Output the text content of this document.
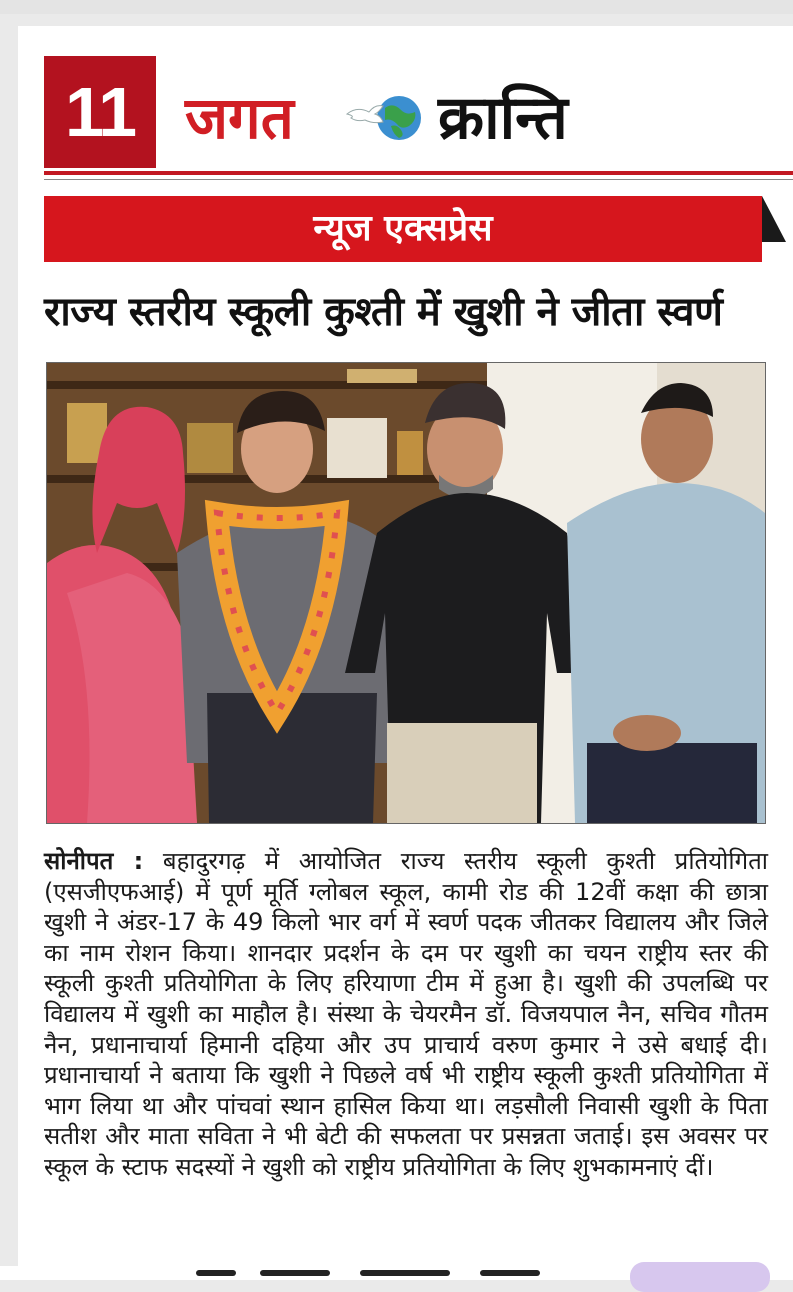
11 जगत क्रान्ति
न्यूज एक्सप्रेस
राज्य स्तरीय स्कूली कुश्ती में खुशी ने जीता स्वर्ण
सोनीपत : बहादुरगढ़ में आयोजित राज्य स्तरीय स्कूली कुश्ती प्रतियोगिता (एसजीएफआई) में पूर्ण मूर्ति ग्लोबल स्कूल, कामी रोड की 12वीं कक्षा की छात्रा खुशी ने अंडर-17 के 49 किलो भार वर्ग में स्वर्ण पदक जीतकर विद्यालय और जिले का नाम रोशन किया। शानदार प्रदर्शन के दम पर खुशी का चयन राष्ट्रीय स्तर की स्कूली कुश्ती प्रतियोगिता के लिए हरियाणा टीम में हुआ है। खुशी की उपलब्धि पर विद्यालय में खुशी का माहौल है। संस्था के चेयरमैन डॉ. विजयपाल नैन, सचिव गौतम नैन, प्रधानाचार्या हिमानी दहिया और उप प्राचार्य वरुण कुमार ने उसे बधाई दी। प्रधानाचार्या ने बताया कि खुशी ने पिछले वर्ष भी राष्ट्रीय स्कूली कुश्ती प्रतियोगिता में भाग लिया था और पांचवां स्थान हासिल किया था। लड़सौली निवासी खुशी के पिता सतीश और माता सविता ने भी बेटी की सफलता पर प्रसन्नता जताई। इस अवसर पर स्कूल के स्टाफ सदस्यों ने खुशी को राष्ट्रीय प्रतियोगिता के लिए शुभकामनाएं दीं।
